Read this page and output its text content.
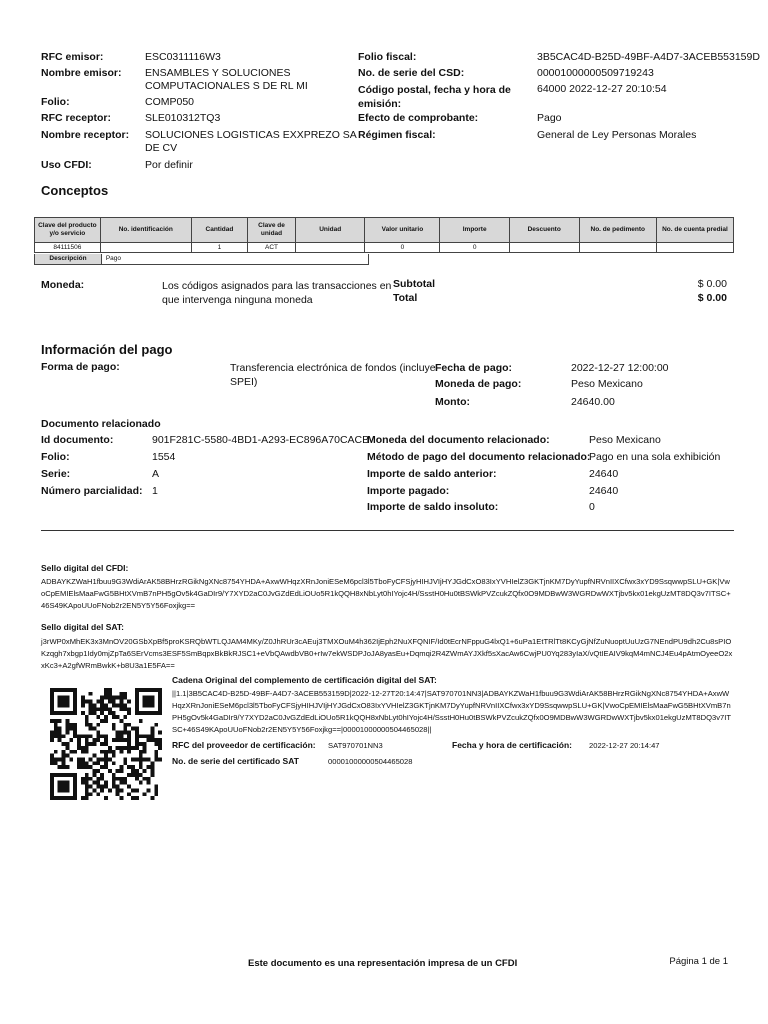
RFC emisor:	ESC0311116W3
Nombre emisor: ENSAMBLES Y SOLUCIONES
COMPUTACIONALES S DE RL MI
Folio:	COMP050
RFC receptor:	SLE010312TQ3
Nombre receptor: SOLUCIONES LOGISTICAS EXXPREZO SA
DE CV
Uso CFDI:	Por definir
Folio fiscal:	3B5CAC4D-B25D-49BF-A4D7-3ACEB553159D
No. de serie del CSD:	00001000000509719243
Código postal, fecha y hora de
emisión:
64000 2022-12-27 20:10:54
Efecto de comprobante:	Pago
Régimen fiscal:	General de Ley Personas Morales
Conceptos
Clave del producto y/o servicio	No. identificación	Cantidad	Clave de unidad	Unidad	Valor unitario	Importe	Descuento	No. de pedimento	No. de cuenta predial
84111506		1	ACT		0	0			
Descripción	Pago
Moneda:	Los códigos asignados para las transacciones en
que intervenga ninguna moneda
Subtotal	$ 0.00
Total	$ 0.00
Información del pago
Forma de pago:	Transferencia electrónica de fondos (incluye
SPEI)
Fecha de pago:	2022-12-27 12:00:00
Moneda de pago:	Peso Mexicano
Monto:	24640.00
Documento relacionado
Id documento:	901F281C-5580-4BD1-A293-EC896A70CACB
Folio:	1554
Serie:	A
Número parcialidad: 1
Moneda del documento relacionado:	Peso Mexicano
Método de pago del documento relacionado:
Pago en una sola exhibición
Importe de saldo anterior:	24640
Importe pagado:	24640
Importe de saldo insoluto:	0
Sello digital del CFDI:
ADBAYKZWaH1fbuu9G3WdiArAK58BHrzRGikNgXNc8754YHDA+AxwWHqzXRnJoniESeM6pcl3l5TboFyCFSjyHIHJVIjHYJGdCxO83IxYVHIelZ3GKTjnKM7DyYupfNRVnIIXCfwx3xYD9SsqwwpSLU+GK|VwoCpEMIElsMaaFwG5BHtXVmB7nPH5gOv5k4GaDIr9/Y7XYD2aC0JvGZdEdLiOUo5R1kQQH8xNbLyt0hIYojc4H/SsstH0Hu0tBSWkPVZcukZQfx0O9MDBwW3WGRDwWXTjbv5kx01ekgUzMT8DQ3v7ITSC+46S49KApoUUoFNob2r2EN5Y5Y56Foxjkg==
Sello digital del SAT:
j3rWP0xMhEK3x3MnOV20GSbXpBf5proKSRQbWTLQJAM4MKy/Z0JhRUr3cAEuj3TMXOuM4h362IjEph2NuXFQNIF/Id0tEcrNFppuG4lxQ1+6uPa1EtTRlTt8KCyGjNfZuNuoptUuUzG7NEndPU9dh2Cu8sPIOKzqgh7xbgp1Idy0mjZpTa6SErVcms3ESF5SmBqpxBkBkRJSC1+eVbQAwdbVB0+rIw7ekWSDPJoJA8yasEu+Dqmqi2R4ZWmAYJXkf5sXacAw6CwjPU0Yq283yIaX/vQtIEAIV9kqM4mNCJ4Eu4pAtmOyeeO2xxKc3+A2gfWRmBwkK+b8U3a1E5FA==
Cadena Original del complemento de certificación digital del SAT:
||1.1|3B5CAC4D-B25D-49BF-A4D7-3ACEB553159D|2022-12-27T20:14:47|SAT970701NN3|ADBAYKZWaH1fbuu9G3WdiArAK58BHrzRGikNgXNc8754YHDA+AxwWHqzXRnJoniESeM6pcl3l5TboFyCFSjyHIHJVIjHYJGdCxO83IxYVHIelZ3GKTjnKM7DyYupfNRVnIIXCfwx3xYD9SsqwwpSLU+GK|VwoCpEMIElsMaaFwG5BHtXVmB7nPH5gOv5k4GaDIr9/Y7XYD2aC0JvGZdEdLiOUo5R1kQQH8xNbLyt0hIYojc4H/SsstH0Hu0tBSWkPVZcukZQfx0O9MDBwW3WGRDwWXTjbv5kx01ekgUzMT8DQ3v7ITSC+46S49KApoUUoFNob2r2EN5Y5Y56Foxjkg==|00001000000504465028||
RFC del proveedor de certificación: SAT970701NN3	Fecha y hora de certificación: 2022-12-27 20:14:47
No. de serie del certificado SAT	00001000000504465028
Este documento es una representación impresa de un CFDI	Página 1 de 1
